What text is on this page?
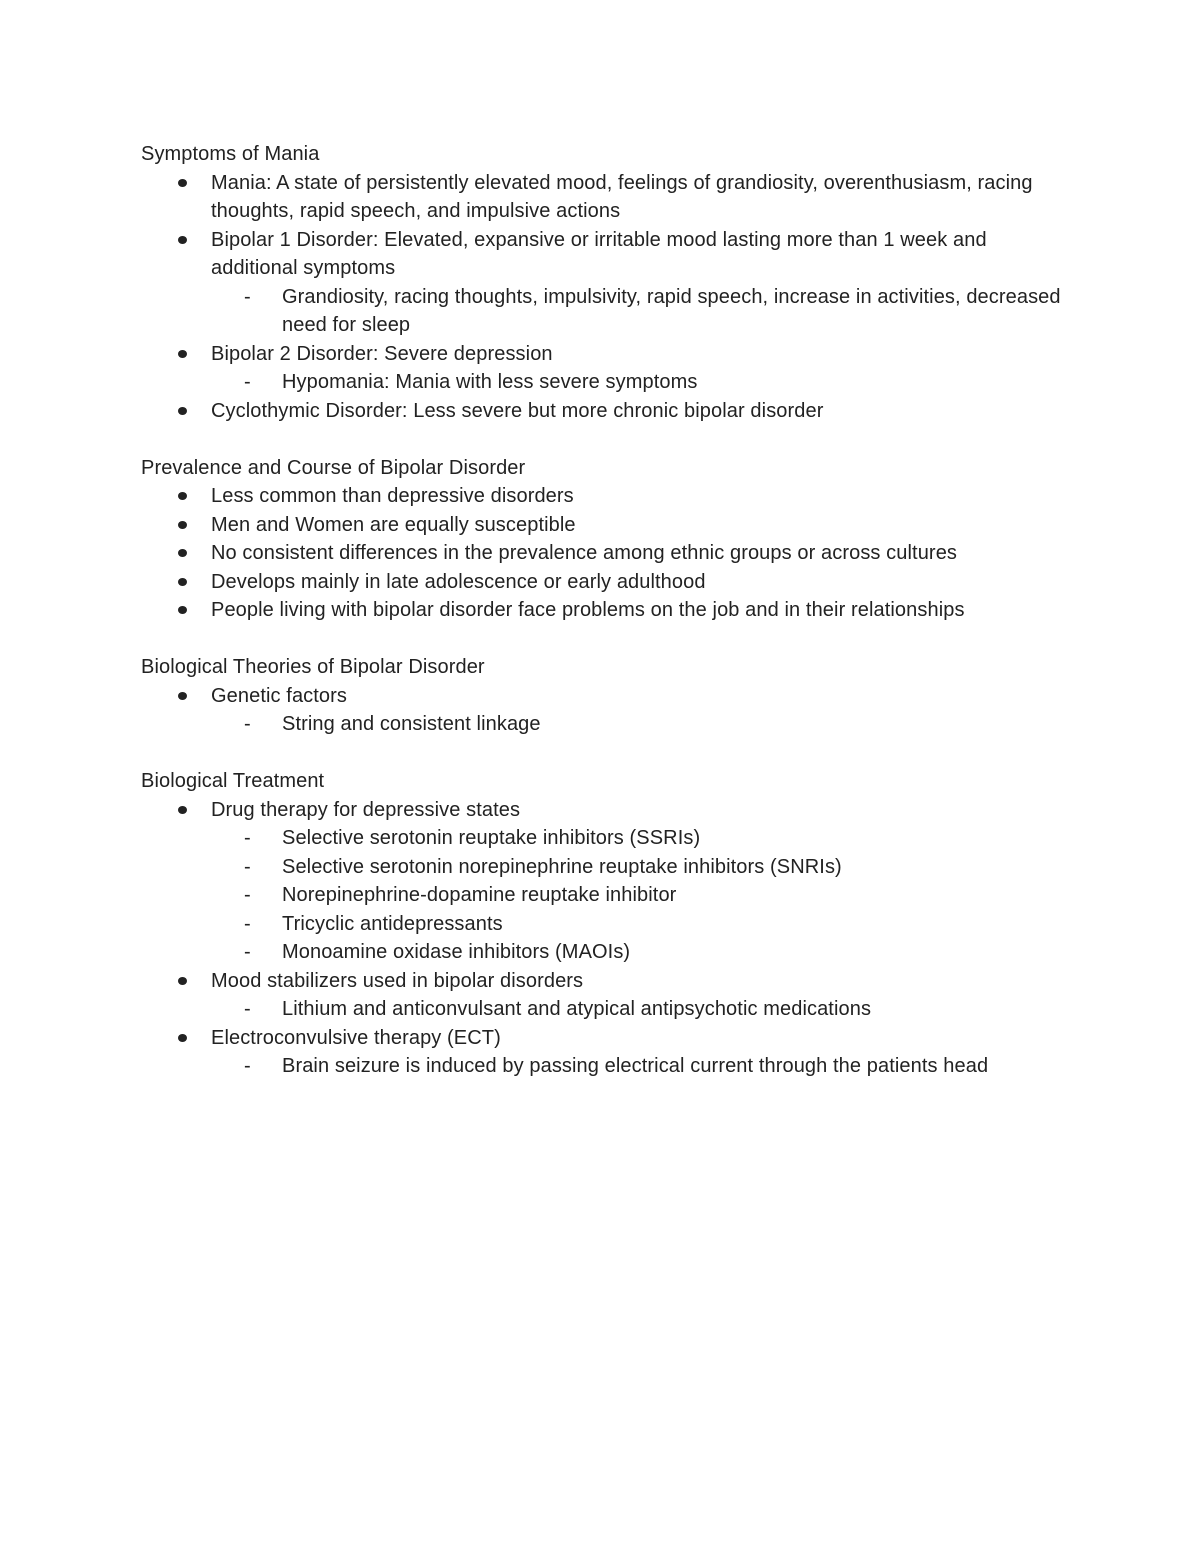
Symptoms of Mania

Mania: A state of persistently elevated mood, feelings of grandiosity, overenthusiasm, racing thoughts, rapid speech, and impulsive actions
Bipolar 1 Disorder: Elevated, expansive or irritable mood lasting more than 1 week and additional symptoms
- Grandiosity, racing thoughts, impulsivity, rapid speech, increase in activities, decreased need for sleep
Bipolar 2 Disorder: Severe depression
- Hypomania: Mania with less severe symptoms
Cyclothymic Disorder: Less severe but more chronic bipolar disorder

Prevalence and Course of Bipolar Disorder

Less common than depressive disorders
Men and Women are equally susceptible
No consistent differences in the prevalence among ethnic groups or across cultures
Develops mainly in late adolescence or early adulthood
People living with bipolar disorder face problems on the job and in their relationships

Biological Theories of Bipolar Disorder

Genetic factors
- String and consistent linkage

Biological Treatment

Drug therapy for depressive states
- Selective serotonin reuptake inhibitors (SSRIs)
- Selective serotonin norepinephrine reuptake inhibitors (SNRIs)
- Norepinephrine-dopamine reuptake inhibitor
- Tricyclic antidepressants
- Monoamine oxidase inhibitors (MAOIs)
Mood stabilizers used in bipolar disorders
- Lithium and anticonvulsant and atypical antipsychotic medications
Electroconvulsive therapy (ECT)
- Brain seizure is induced by passing electrical current through the patients head
